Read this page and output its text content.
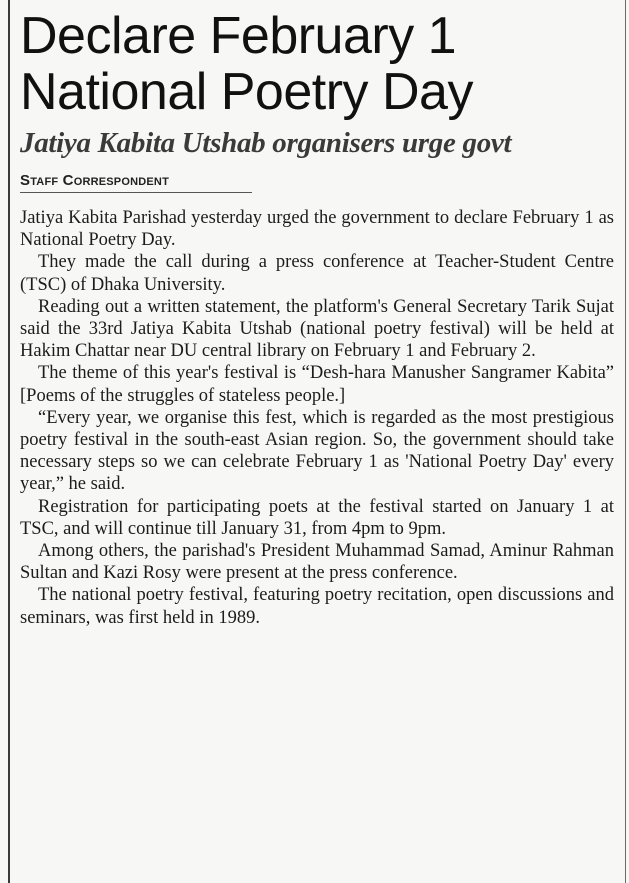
Declare February 1
National Poetry Day
Jatiya Kabita Utshab organisers urge govt
Staff Correspondent

Jatiya Kabita Parishad yesterday urged the government to declare February 1 as National Poetry Day.

They made the call during a press conference at Teacher-Student Centre (TSC) of Dhaka University.

Reading out a written statement, the platform's General Secretary Tarik Sujat said the 33rd Jatiya Kabita Utshab (national poetry festival) will be held at Hakim Chattar near DU central library on February 1 and February 2.

The theme of this year's festival is “Desh-hara Manusher Sangramer Kabita” [Poems of the struggles of stateless people.]

“Every year, we organise this fest, which is regarded as the most prestigious poetry festival in the south-east Asian region. So, the government should take necessary steps so we can celebrate February 1 as 'National Poetry Day' every year,” he said.

Registration for participating poets at the festival started on January 1 at TSC, and will continue till January 31, from 4pm to 9pm.

Among others, the parishad's President Muhammad Samad, Aminur Rahman Sultan and Kazi Rosy were present at the press conference.

The national poetry festival, featuring poetry recitation, open discussions and seminars, was first held in 1989.
